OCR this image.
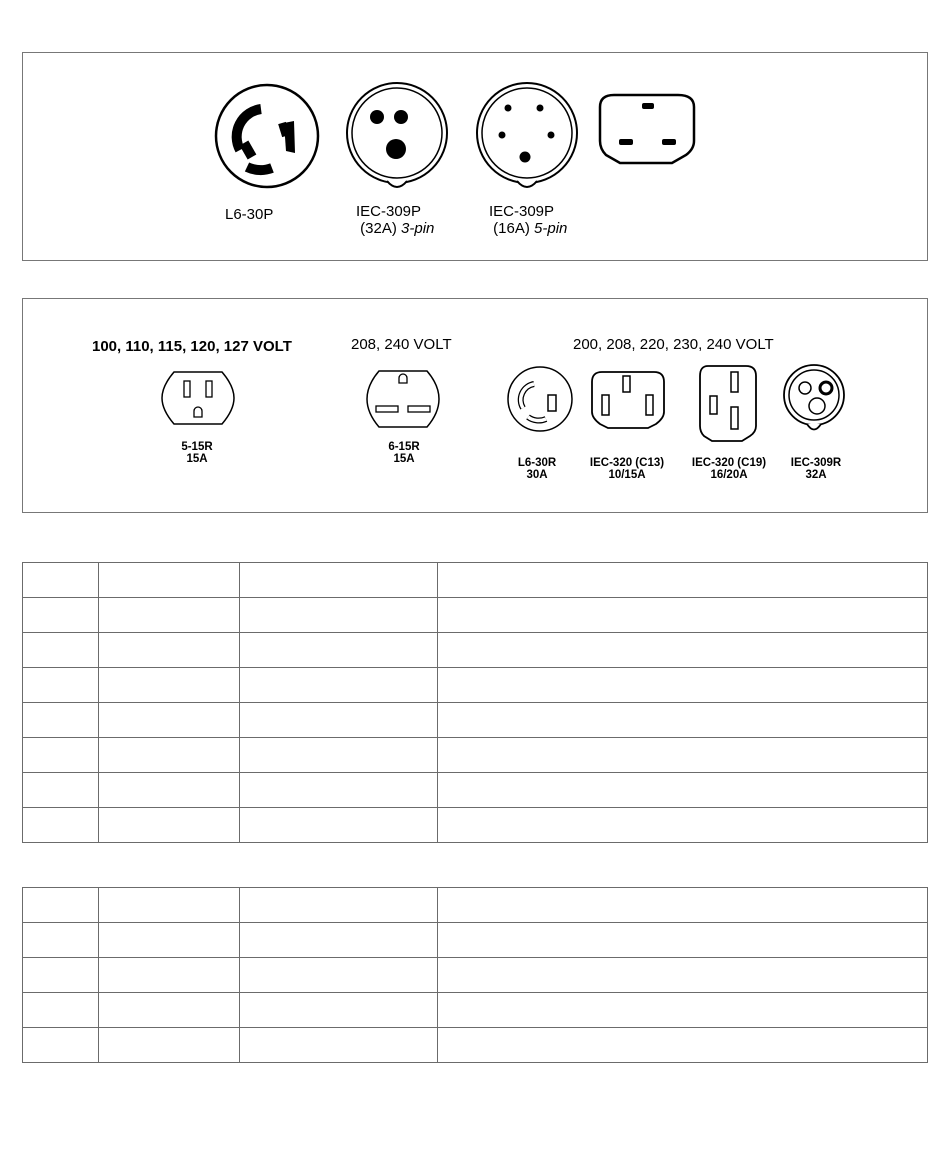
L6-30P	IEC-309P
(32A) 3-pin
IEC-309P
(16A) 5-pin
100, 110, 115, 120, 127 VOLT	208, 240 VOLT	200, 208, 220, 230, 240 VOLT
5-15R
15A
6-15R
15A	L6-30R
30A
IEC-320 (C13)
10/15A
IEC-320 (C19)
16/20A
IEC-309R
32A
